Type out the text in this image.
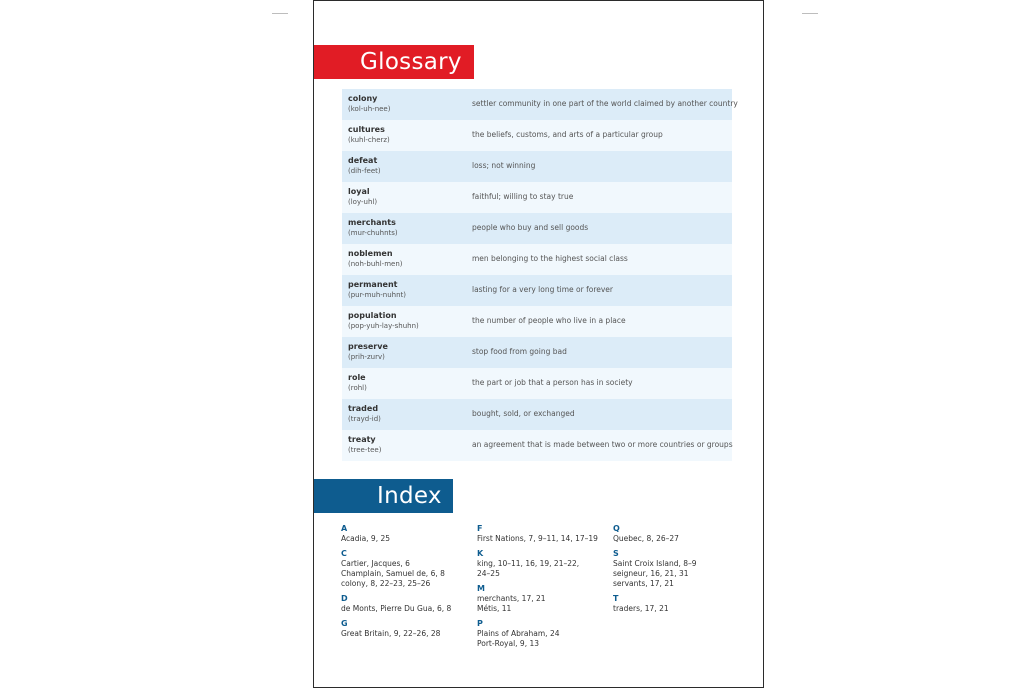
Glossary
colony
(kol-uh-nee)
settler community in one part of the world claimed by another country
cultures
(kuhl-cherz)
the beliefs, customs, and arts of a particular group
defeat
(dih-feet)
loss; not winning
loyal
(loy-uhl)
faithful; willing to stay true
merchants
(mur-chuhnts)
people who buy and sell goods
noblemen
(noh-buhl-men)
men belonging to the highest social class
permanent
(pur-muh-nuhnt)
lasting for a very long time or forever
population
(pop-yuh-lay-shuhn)
the number of people who live in a place
preserve
(prih-zurv)
stop food from going bad
role
(rohl)
the part or job that a person has in society
traded
(trayd-id)
bought, sold, or exchanged
treaty
(tree-tee)
an agreement that is made between two or more countries or groups
Index
A
Acadia, 9, 25
C
Cartier, Jacques, 6
Champlain, Samuel de, 6, 8
colony, 8, 22–23, 25–26
D
de Monts, Pierre Du Gua, 6, 8
G
Great Britain, 9, 22–26, 28
F
First Nations, 7, 9–11, 14, 17–19
K
king, 10–11, 16, 19, 21–22,
24–25
M
merchants, 17, 21
Métis, 11
P
Plains of Abraham, 24
Port-Royal, 9, 13
Q
Quebec, 8, 26–27
S
Saint Croix Island, 8–9
seigneur, 16, 21, 31
servants, 17, 21
T
traders, 17, 21
